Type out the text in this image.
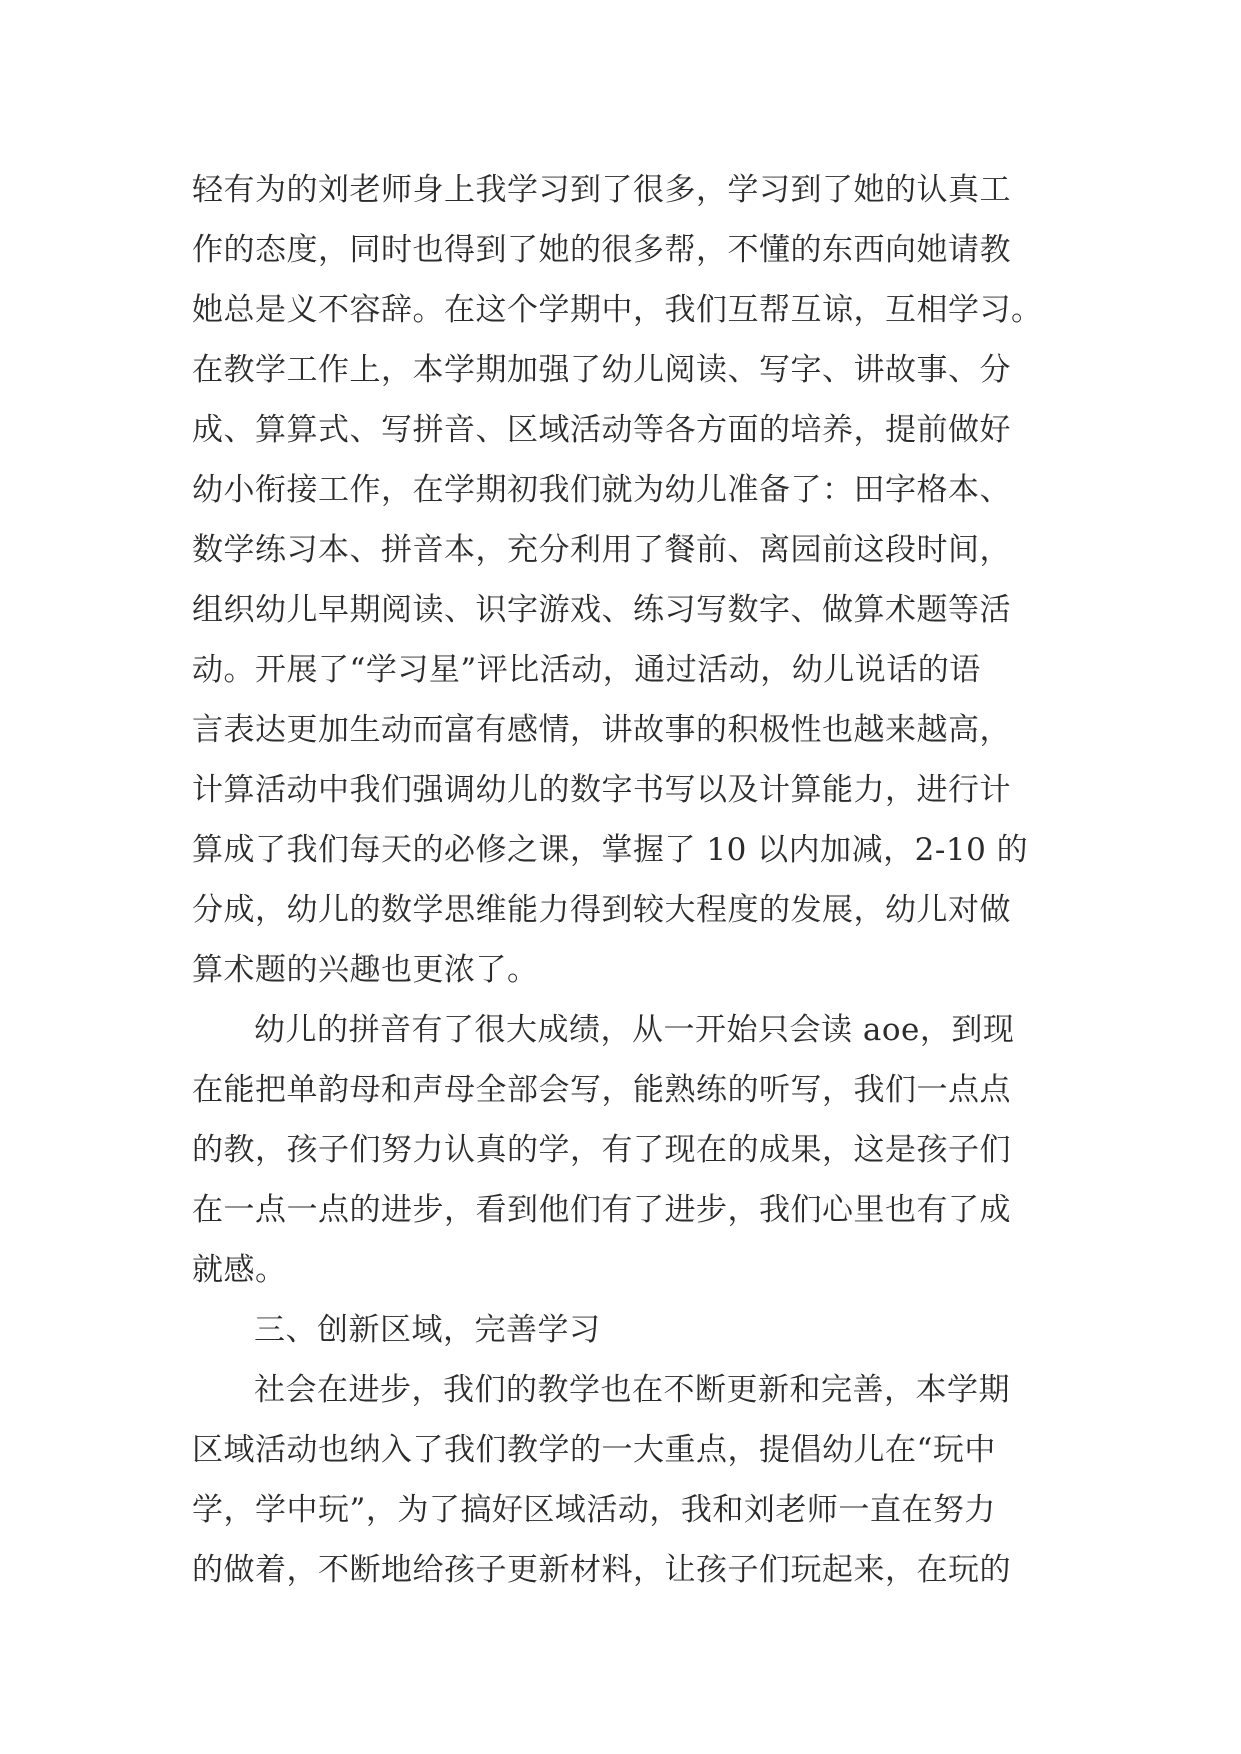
轻有为的刘老师身上我学习到了很多，学习到了她的认真工
作的态度，同时也得到了她的很多帮，不懂的东西向她请教
她总是义不容辞。在这个学期中，我们互帮互谅，互相学习。
在教学工作上，本学期加强了幼儿阅读、写字、讲故事、分
成、算算式、写拼音、区域活动等各方面的培养，提前做好
幼小衔接工作，在学期初我们就为幼儿准备了：田字格本、
数学练习本、拼音本，充分利用了餐前、离园前这段时间，
组织幼儿早期阅读、识字游戏、练习写数字、做算术题等活
动。开展了“学习星”评比活动，通过活动，幼儿说话的语
言表达更加生动而富有感情，讲故事的积极性也越来越高，
计算活动中我们强调幼儿的数字书写以及计算能力，进行计
算成了我们每天的必修之课，掌握了 10 以内加减，2-10 的
分成，幼儿的数学思维能力得到较大程度的发展，幼儿对做
算术题的兴趣也更浓了。
幼儿的拼音有了很大成绩，从一开始只会读 aoe，到现
在能把单韵母和声母全部会写，能熟练的听写，我们一点点
的教，孩子们努力认真的学，有了现在的成果，这是孩子们
在一点一点的进步，看到他们有了进步，我们心里也有了成
就感。
三、创新区域，完善学习
社会在进步，我们的教学也在不断更新和完善，本学期
区域活动也纳入了我们教学的一大重点，提倡幼儿在“玩中
学，学中玩”，为了搞好区域活动，我和刘老师一直在努力
的做着，不断地给孩子更新材料，让孩子们玩起来，在玩的
